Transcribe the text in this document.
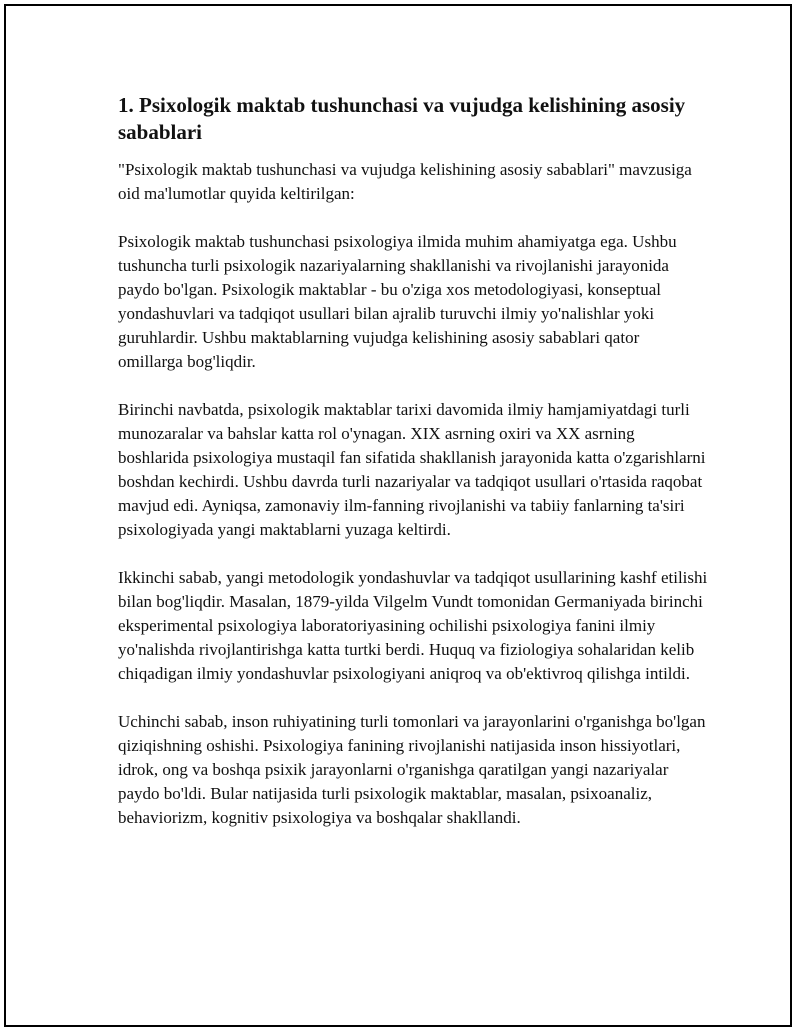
1. Psixologik maktab tushunchasi va vujudga kelishining asosiy sabablari

"Psixologik maktab tushunchasi va vujudga kelishining asosiy sabablari" mavzusiga oid ma'lumotlar quyida keltirilgan:

Psixologik maktab tushunchasi psixologiya ilmida muhim ahamiyatga ega. Ushbu tushuncha turli psixologik nazariyalarning shakllanishi va rivojlanishi jarayonida paydo bo'lgan. Psixologik maktablar - bu o'ziga xos metodologiyasi, konseptual yondashuvlari va tadqiqot usullari bilan ajralib turuvchi ilmiy yo'nalishlar yoki guruhlardir. Ushbu maktablarning vujudga kelishining asosiy sabablari qator omillarga bog'liqdir.

Birinchi navbatda, psixologik maktablar tarixi davomida ilmiy hamjamiyatdagi turli munozaralar va bahslar katta rol o'ynagan. XIX asrning oxiri va XX asrning boshlarida psixologiya mustaqil fan sifatida shakllanish jarayonida katta o'zgarishlarni boshdan kechirdi. Ushbu davrda turli nazariyalar va tadqiqot usullari o'rtasida raqobat mavjud edi. Ayniqsa, zamonaviy ilm-fanning rivojlanishi va tabiiy fanlarning ta'siri psixologiyada yangi maktablarni yuzaga keltirdi.

Ikkinchi sabab, yangi metodologik yondashuvlar va tadqiqot usullarining kashf etilishi bilan bog'liqdir. Masalan, 1879-yilda Vilgelm Vundt tomonidan Germaniyada birinchi eksperimental psixologiya laboratoriyasining ochilishi psixologiya fanini ilmiy yo'nalishda rivojlantirishga katta turtki berdi. Huquq va fiziologiya sohalaridan kelib chiqadigan ilmiy yondashuvlar psixologiyani aniqroq va ob'ektivroq qilishga intildi.

Uchinchi sabab, inson ruhiyatining turli tomonlari va jarayonlarini o'rganishga bo'lgan qiziqishning oshishi. Psixologiya fanining rivojlanishi natijasida inson hissiyotlari, idrok, ong va boshqa psixik jarayonlarni o'rganishga qaratilgan yangi nazariyalar paydo bo'ldi. Bular natijasida turli psixologik maktablar, masalan, psixoanaliz, behaviorizm, kognitiv psixologiya va boshqalar shakllandi.
